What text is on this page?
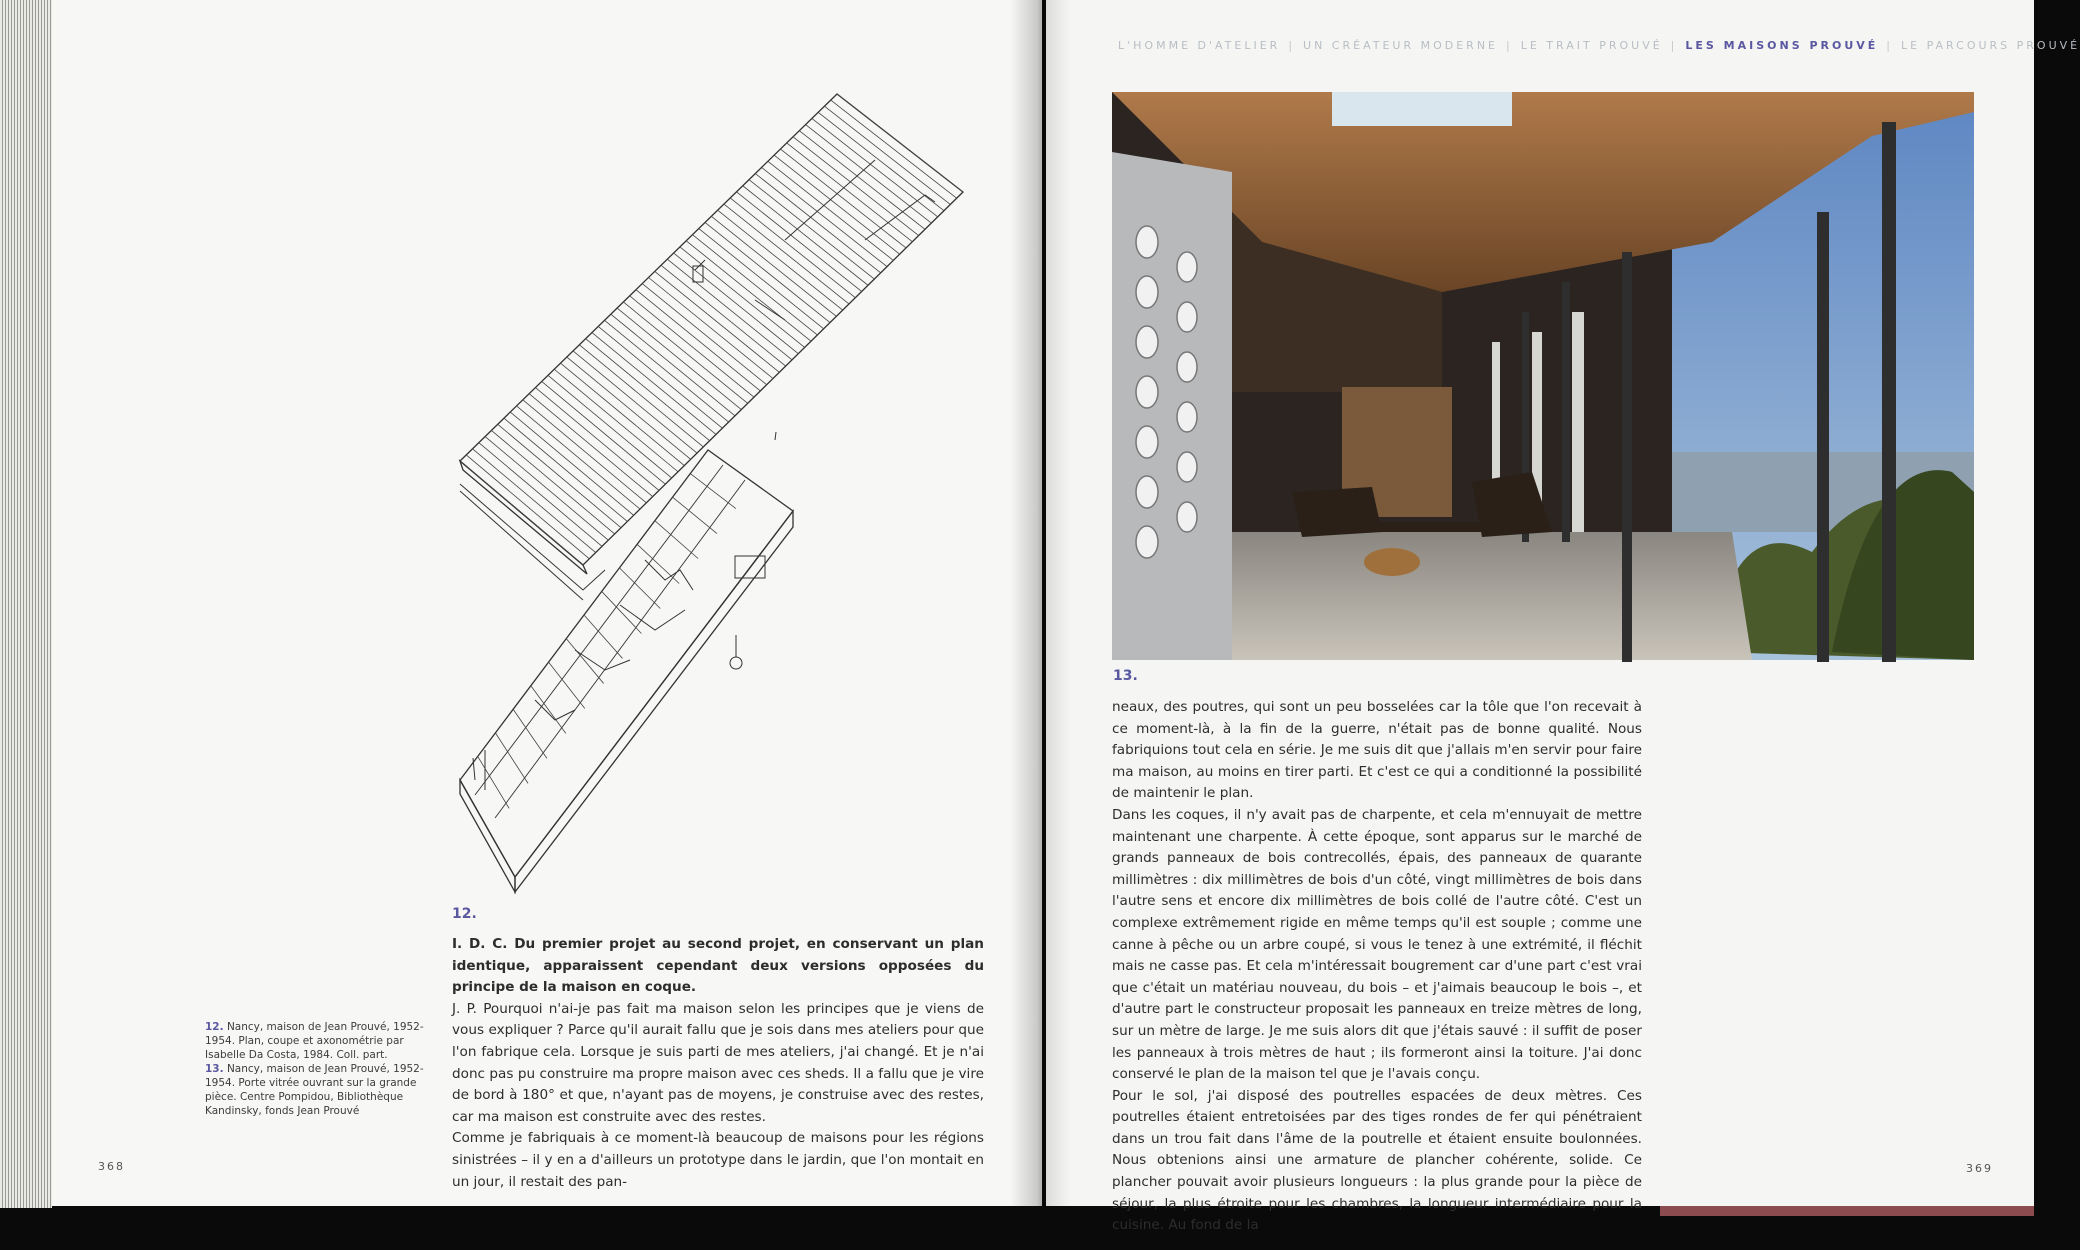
L'HOMME D'ATELIER | UN CRÉATEUR MODERNE | LE TRAIT PROUVÉ | LES MAISONS PROUVÉ | LE PARCOURS PROUVÉ
12.

12. Nancy, maison de Jean Prouvé, 1952-1954. Plan, coupe et axonométrie par Isabelle Da Costa, 1984. Coll. part.

13. Nancy, maison de Jean Prouvé, 1952-1954. Porte vitrée ouvrant sur la grande pièce. Centre Pompidou, Bibliothèque Kandinsky, fonds Jean Prouvé

I. D. C. Du premier projet au second projet, en conservant un plan identique, apparaissent cependant deux versions opposées du principe de la maison en coque.

J. P. Pourquoi n'ai-je pas fait ma maison selon les principes que je viens de vous expliquer ? Parce qu'il aurait fallu que je sois dans mes ateliers pour que l'on fabrique cela. Lorsque je suis parti de mes ateliers, j'ai changé. Et je n'ai donc pas pu construire ma propre maison avec ces sheds. Il a fallu que je vire de bord à 180° et que, n'ayant pas de moyens, je construise avec des restes, car ma maison est construite avec des restes.

Comme je fabriquais à ce moment-là beaucoup de maisons pour les régions sinistrées – il y en a d'ailleurs un prototype dans le jardin, que l'on montait en un jour, il restait des pan-

368
13.

neaux, des poutres, qui sont un peu bosselées car la tôle que l'on recevait à ce moment-là, à la fin de la guerre, n'était pas de bonne qualité. Nous fabriquions tout cela en série. Je me suis dit que j'allais m'en servir pour faire ma maison, au moins en tirer parti. Et c'est ce qui a conditionné la possibilité de maintenir le plan.

Dans les coques, il n'y avait pas de charpente, et cela m'ennuyait de mettre maintenant une charpente. À cette époque, sont apparus sur le marché de grands panneaux de bois contrecollés, épais, des panneaux de quarante millimètres : dix millimètres de bois d'un côté, vingt millimètres de bois dans l'autre sens et encore dix millimètres de bois collé de l'autre côté. C'est un complexe extrêmement rigide en même temps qu'il est souple ; comme une canne à pêche ou un arbre coupé, si vous le tenez à une extrémité, il fléchit mais ne casse pas. Et cela m'intéressait bougrement car d'une part c'est vrai que c'était un matériau nouveau, du bois – et j'aimais beaucoup le bois –, et d'autre part le constructeur proposait les panneaux en treize mètres de long, sur un mètre de large. Je me suis alors dit que j'étais sauvé : il suffit de poser les panneaux à trois mètres de haut ; ils formeront ainsi la toiture. J'ai donc conservé le plan de la maison tel que je l'avais conçu.

Pour le sol, j'ai disposé des poutrelles espacées de deux mètres. Ces poutrelles étaient entretoisées par des tiges rondes de fer qui pénétraient dans un trou fait dans l'âme de la poutrelle et étaient ensuite boulonnées. Nous obtenions ainsi une armature de plancher cohérente, solide. Ce plancher pouvait avoir plusieurs longueurs : la plus grande pour la pièce de séjour, la plus étroite pour les chambres, la longueur intermédiaire pour la cuisine. Au fond de la

369
